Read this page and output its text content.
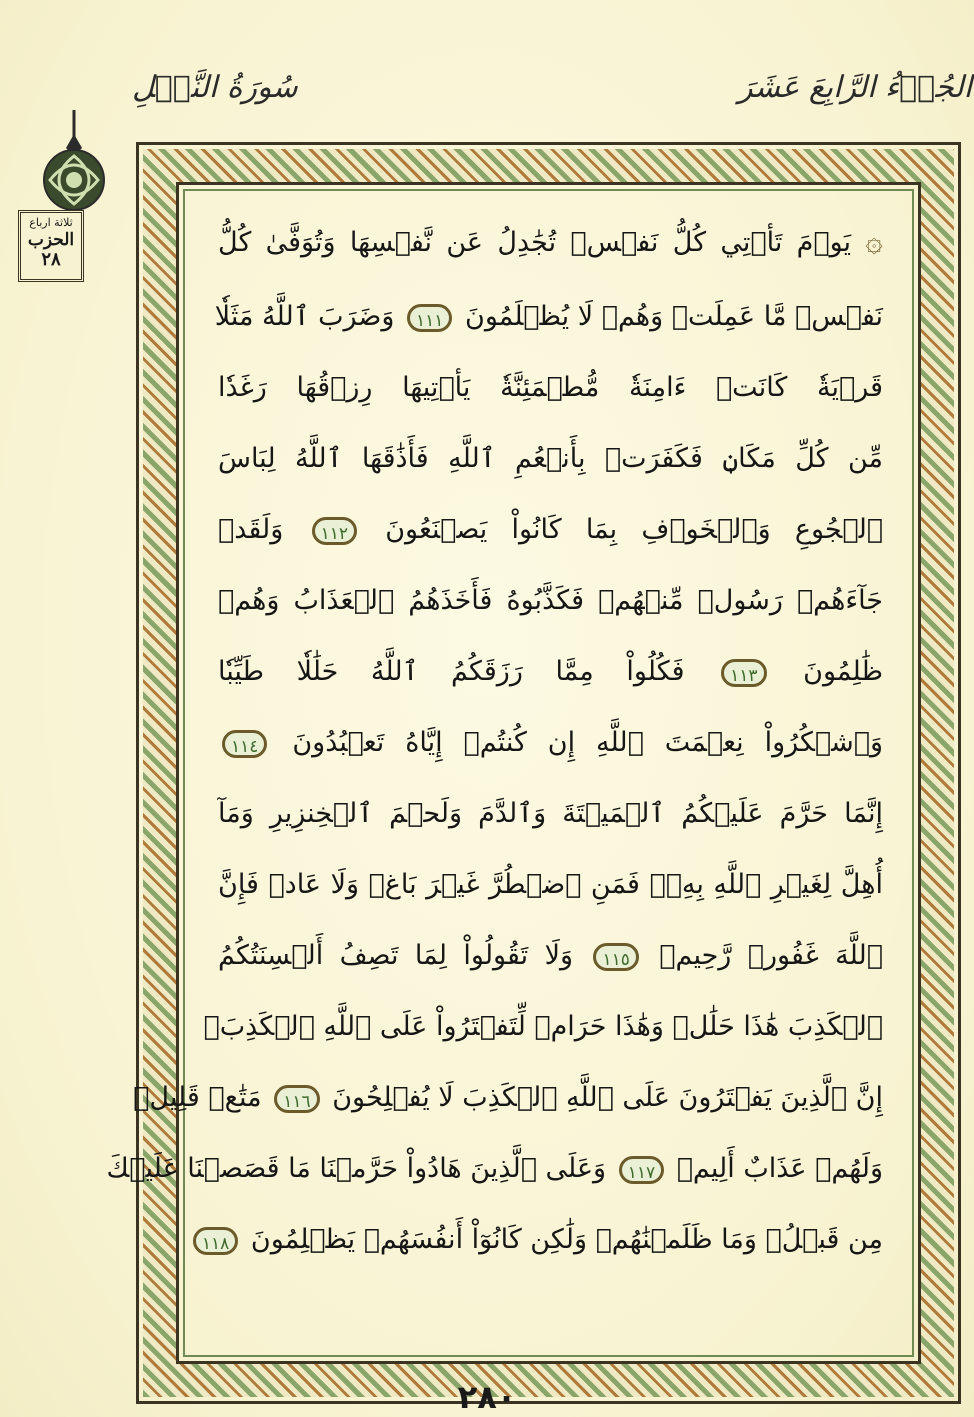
سُورَةُ النَّحۡلِ	الجُزۡءُ الرَّابِعَ عَشَرَ
ثلاثة ارباع
الحزب
٢٨
۞ يَوۡمَ تَأۡتِي كُلُّ نَفۡسٖ تُجَٰدِلُ عَن نَّفۡسِهَا وَتُوَفَّىٰ كُلُّ
نَفۡسٖ مَّا عَمِلَتۡ وَهُمۡ لَا يُظۡلَمُونَ ١١١ وَضَرَبَ ٱللَّهُ مَثَلٗا
قَرۡيَةٗ كَانَتۡ ءَامِنَةٗ مُّطۡمَئِنَّةٗ يَأۡتِيهَا رِزۡقُهَا رَغَدٗا
مِّن كُلِّ مَكَانٖ فَكَفَرَتۡ بِأَنۡعُمِ ٱللَّهِ فَأَذَٰقَهَا ٱللَّهُ لِبَاسَ
ٱلۡجُوعِ وَٱلۡخَوۡفِ بِمَا كَانُواْ يَصۡنَعُونَ ١١٢ وَلَقَدۡ
جَآءَهُمۡ رَسُولٞ مِّنۡهُمۡ فَكَذَّبُوهُ فَأَخَذَهُمُ ٱلۡعَذَابُ وَهُمۡ
ظَٰلِمُونَ ١١٣ فَكُلُواْ مِمَّا رَزَقَكُمُ ٱللَّهُ حَلَٰلٗا طَيِّبٗا
وَٱشۡكُرُواْ نِعۡمَتَ ٱللَّهِ إِن كُنتُمۡ إِيَّاهُ تَعۡبُدُونَ ١١٤
إِنَّمَا حَرَّمَ عَلَيۡكُمُ ٱلۡمَيۡتَةَ وَٱلدَّمَ وَلَحۡمَ ٱلۡخِنزِيرِ وَمَآ
أُهِلَّ لِغَيۡرِ ٱللَّهِ بِهِۦۖ فَمَنِ ٱضۡطُرَّ غَيۡرَ بَاغٖ وَلَا عَادٖ فَإِنَّ
ٱللَّهَ غَفُورٞ رَّحِيمٞ ١١٥ وَلَا تَقُولُواْ لِمَا تَصِفُ أَلۡسِنَتُكُمُ
ٱلۡكَذِبَ هَٰذَا حَلَٰلٞ وَهَٰذَا حَرَامٞ لِّتَفۡتَرُواْ عَلَى ٱللَّهِ ٱلۡكَذِبَۚ
إِنَّ ٱلَّذِينَ يَفۡتَرُونَ عَلَى ٱللَّهِ ٱلۡكَذِبَ لَا يُفۡلِحُونَ ١١٦ مَتَٰعٞ قَلِيلٞ
وَلَهُمۡ عَذَابٌ أَلِيمٞ ١١٧ وَعَلَى ٱلَّذِينَ هَادُواْ حَرَّمۡنَا مَا قَصَصۡنَا عَلَيۡكَ
مِن قَبۡلُۖ وَمَا ظَلَمۡنَٰهُمۡ وَلَٰكِن كَانُوٓاْ أَنفُسَهُمۡ يَظۡلِمُونَ ١١٨
٢٨٠
